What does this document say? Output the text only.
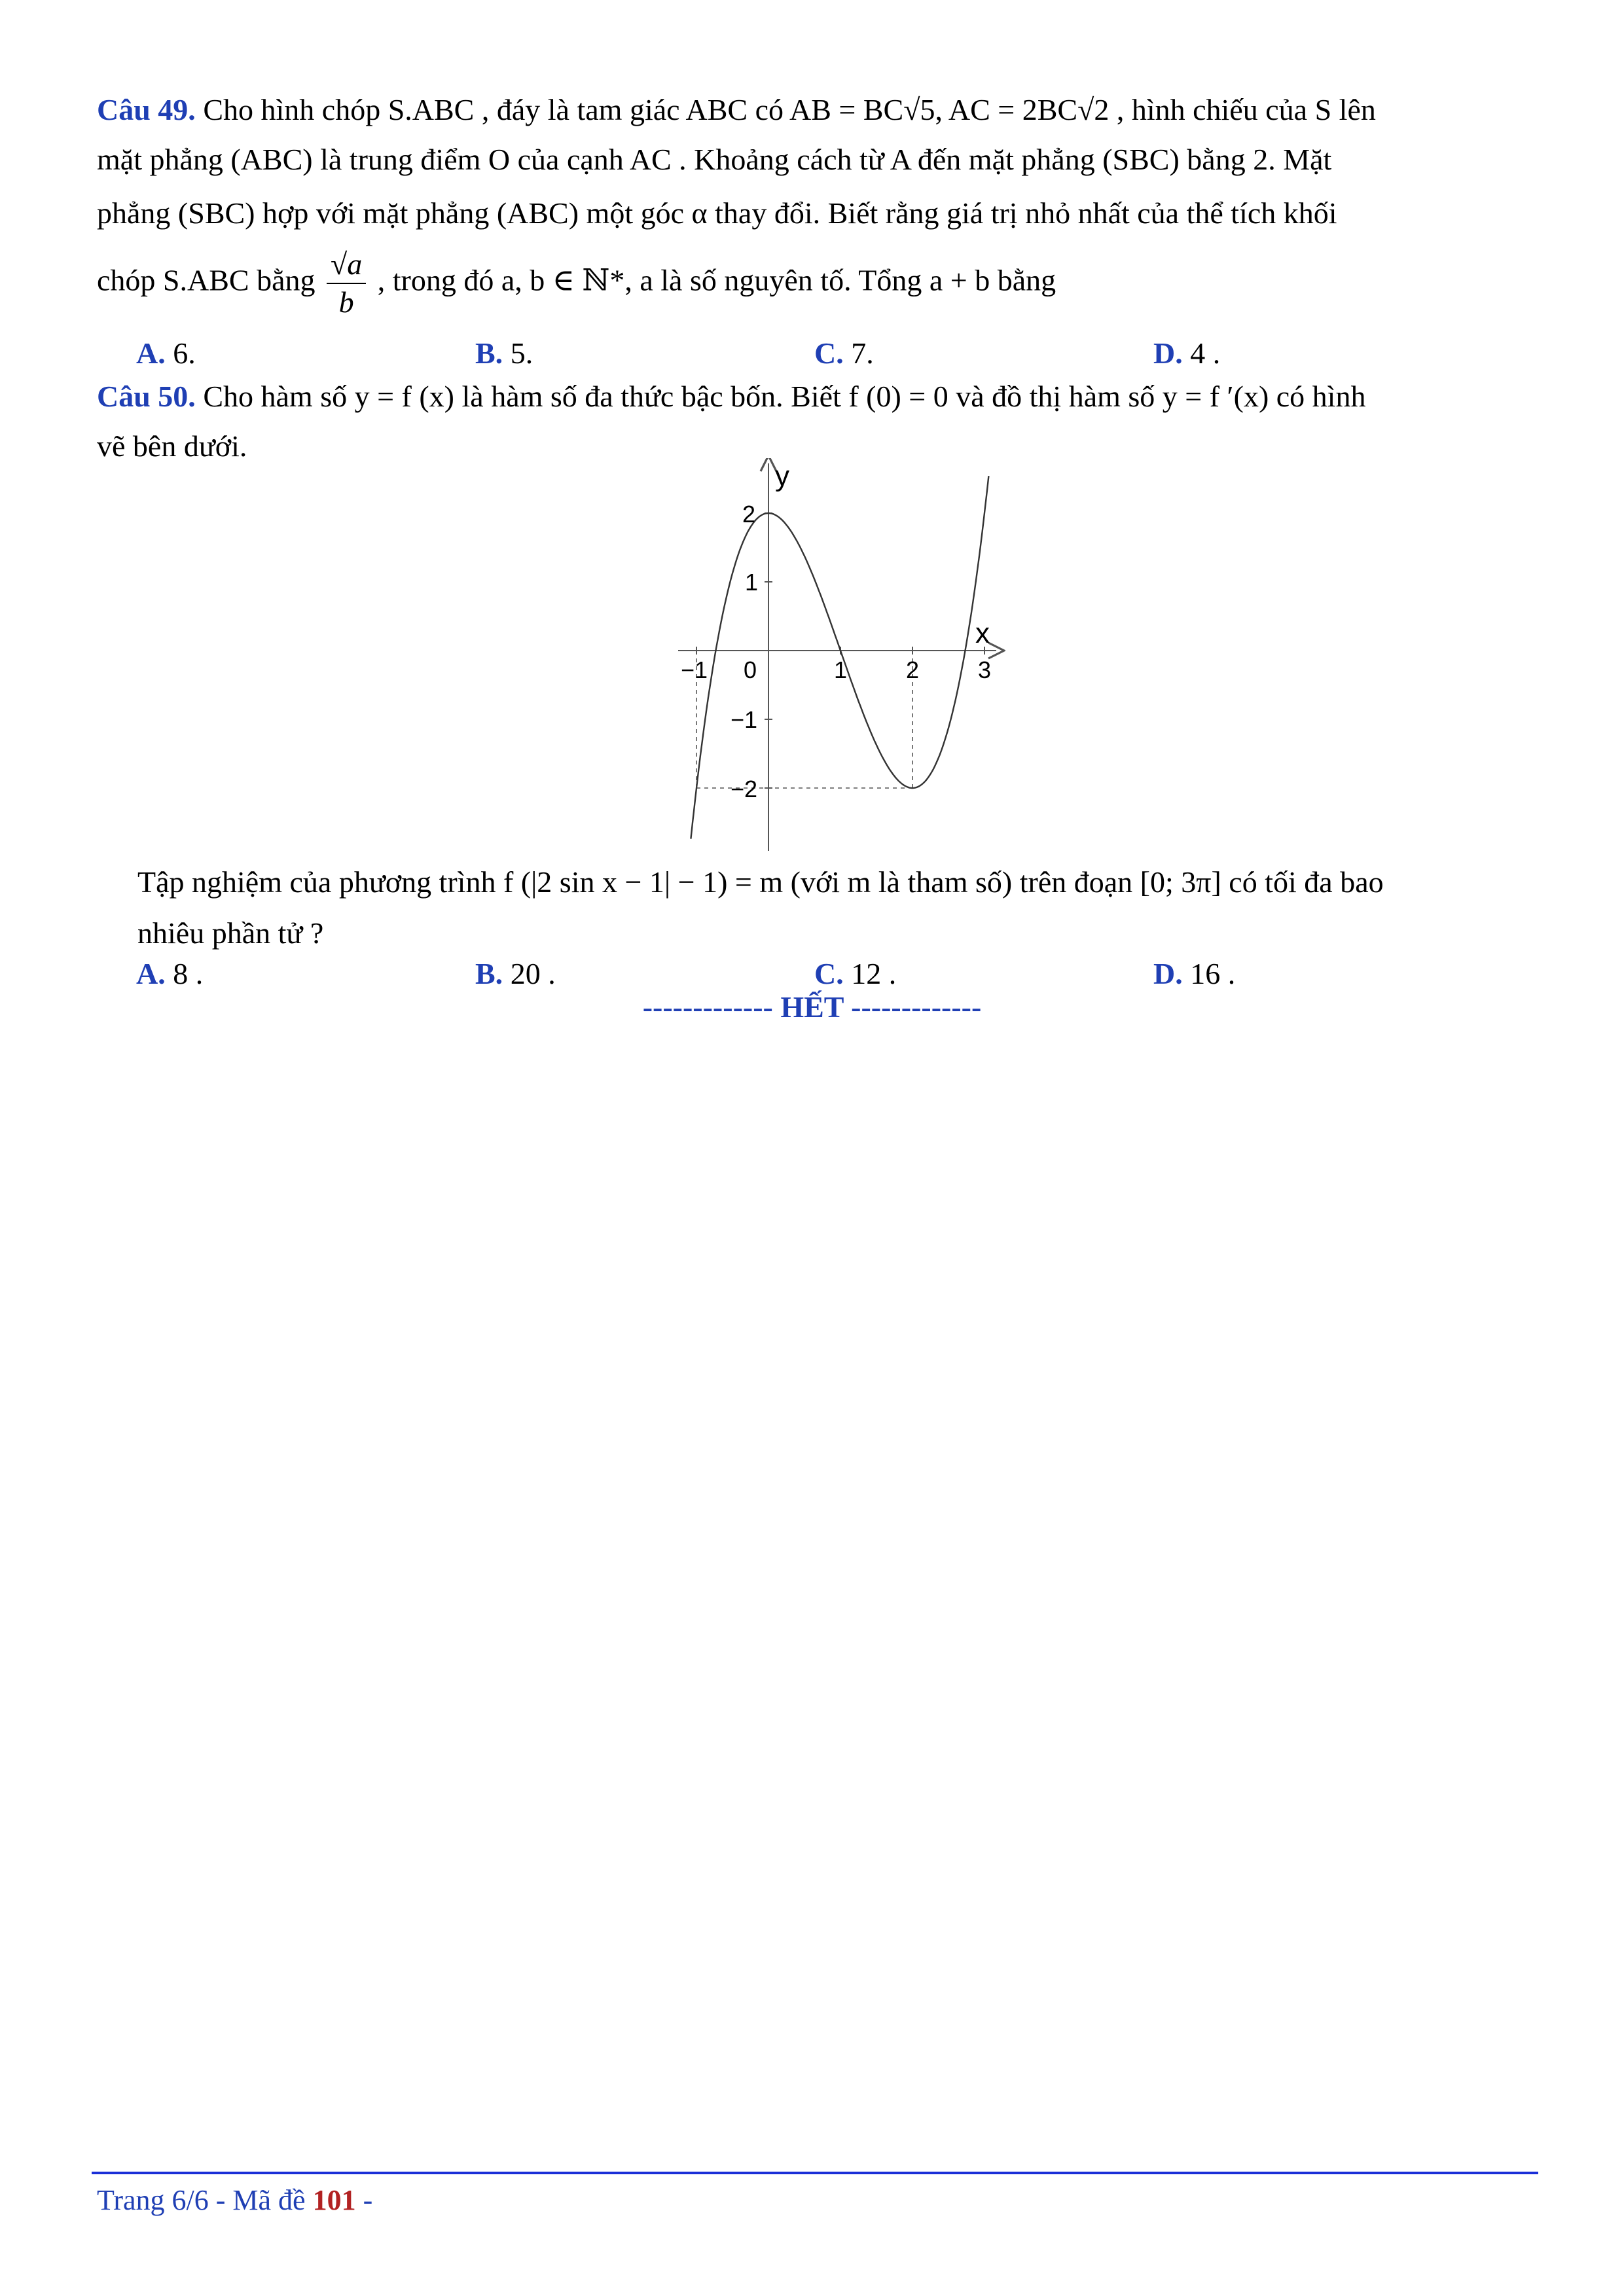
Câu 49. Cho hình chóp S.ABC , đáy là tam giác ABC có AB = BC√5, AC = 2BC√2 , hình chiếu của S lên
mặt phẳng (ABC) là trung điểm O của cạnh AC . Khoảng cách từ A đến mặt phẳng (SBC) bằng 2. Mặt
phẳng (SBC) hợp với mặt phẳng (ABC) một góc α thay đổi. Biết rằng giá trị nhỏ nhất của thể tích khối
chóp S.ABC bằng $\frac{√a}{b}$ , trong đó a, b ∈ ℕ*, a là số nguyên tố. Tổng a + b bằng
A. 6.	B. 5.	C. 7.	D. 4 .
Câu 50. Cho hàm số y = f (x) là hàm số đa thức bậc bốn. Biết f (0) = 0 và đồ thị hàm số y = f ′(x) có hình
vẽ bên dưới.
x
y
−1 0	1 2 3
2
1
−1
−2
Tập nghiệm của phương trình f (|2 sin x − 1| − 1) = m (với m là tham số) trên đoạn [0; 3π] có tối đa bao
nhiêu phần tử ?
A. 8 .	B. 20 .	C. 12 .	D. 16 .
------------- HẾT -------------
Trang 6/6 - Mã đề 101 -
